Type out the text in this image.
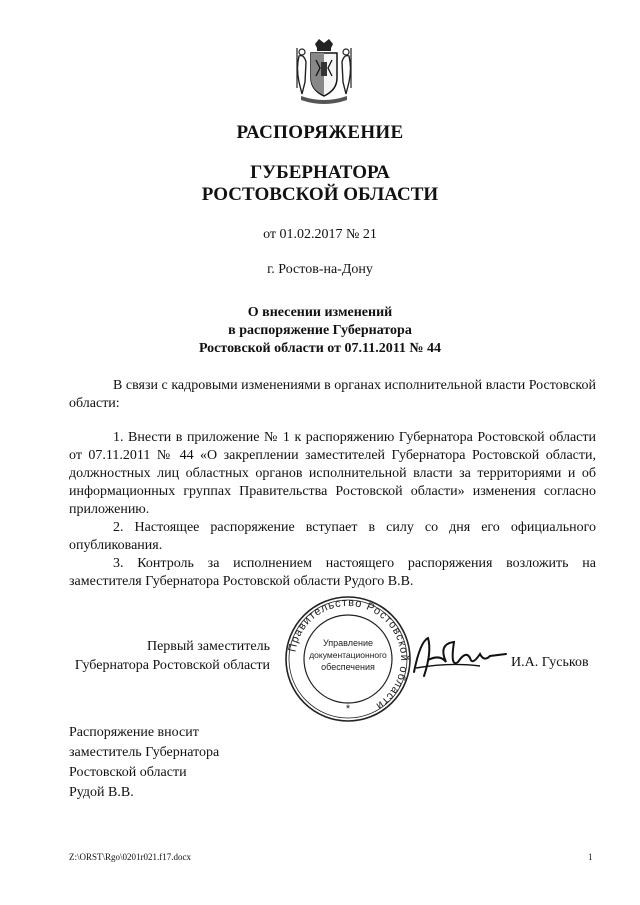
РАСПОРЯЖЕНИЕ
ГУБЕРНАТОРА
РОСТОВСКОЙ ОБЛАСТИ
от 01.02.2017 № 21
г. Ростов-на-Дону
О внесении изменений
в распоряжение Губернатора
Ростовской области от 07.11.2011 № 44

В связи с кадровыми изменениями в органах исполнительной власти Ростовской области:

1. Внести в приложение № 1 к распоряжению Губернатора Ростовской области от 07.11.2011 № 44 «О закреплении заместителей Губернатора Ростовской области, должностных лиц областных органов исполнительной власти за территориями и об информационных группах Правительства Ростовской области» изменения согласно приложению.

2. Настоящее распоряжение вступает в силу со дня его официального опубликования.

3. Контроль за исполнением настоящего распоряжения возложить на заместителя Губернатора Ростовской области Рудого В.В.

Первый заместитель
Губернатора Ростовской области
Правительство Ростовской области
Управление
документационного
обеспечения
*
И.А. Гуськов
Распоряжение вносит
заместитель Губернатора
Ростовской области
Рудой В.В.
Z:\ORST\Rgo\0201r021.f17.docx	1
